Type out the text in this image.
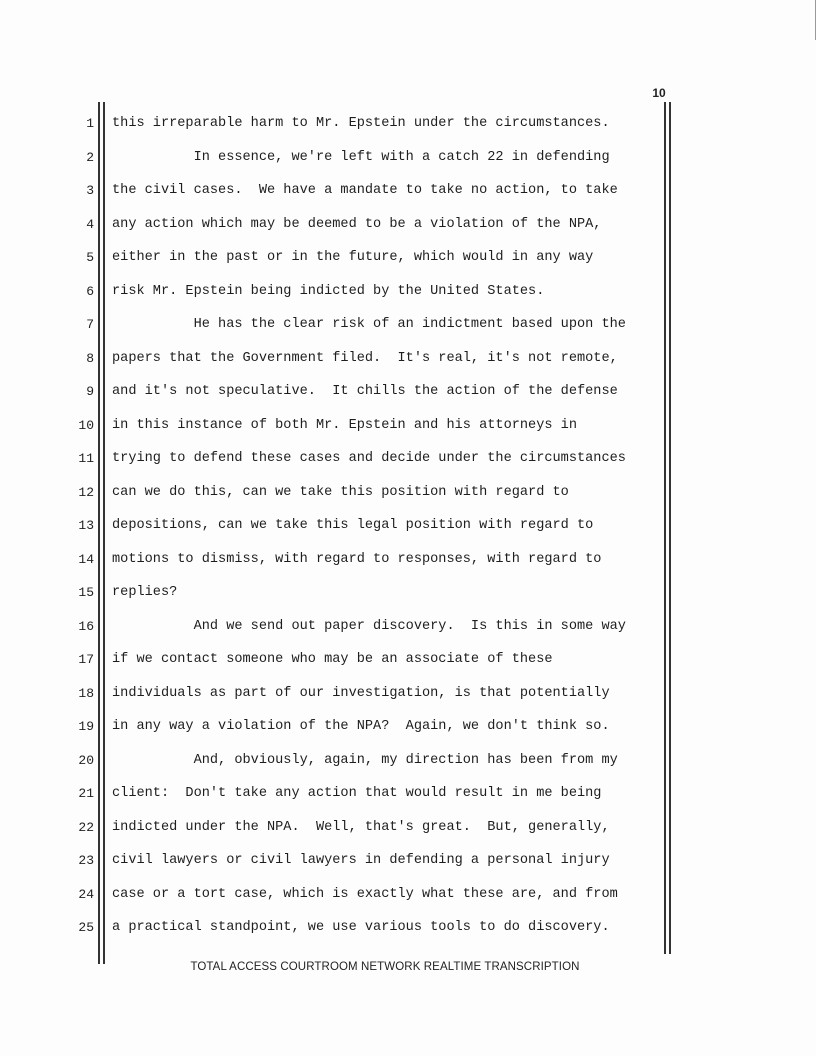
10
1 this irreparable harm to Mr. Epstein under the circumstances.
2 In essence, we're left with a catch 22 in defending
3 the civil cases.  We have a mandate to take no action, to take
4 any action which may be deemed to be a violation of the NPA,
5 either in the past or in the future, which would in any way
6 risk Mr. Epstein being indicted by the United States.
7 He has the clear risk of an indictment based upon the
8 papers that the Government filed.  It's real, it's not remote,
9 and it's not speculative.  It chills the action of the defense
10 in this instance of both Mr. Epstein and his attorneys in
11 trying to defend these cases and decide under the circumstances
12 can we do this, can we take this position with regard to
13 depositions, can we take this legal position with regard to
14 motions to dismiss, with regard to responses, with regard to
15 replies?
16 And we send out paper discovery.  Is this in some way
17 if we contact someone who may be an associate of these
18 individuals as part of our investigation, is that potentially
19 in any way a violation of the NPA?  Again, we don't think so.
20 And, obviously, again, my direction has been from my
21 client:  Don't take any action that would result in me being
22 indicted under the NPA.  Well, that's great.  But, generally,
23 civil lawyers or civil lawyers in defending a personal injury
24 case or a tort case, which is exactly what these are, and from
25 a practical standpoint, we use various tools to do discovery.
TOTAL ACCESS COURTROOM NETWORK REALTIME TRANSCRIPTION
